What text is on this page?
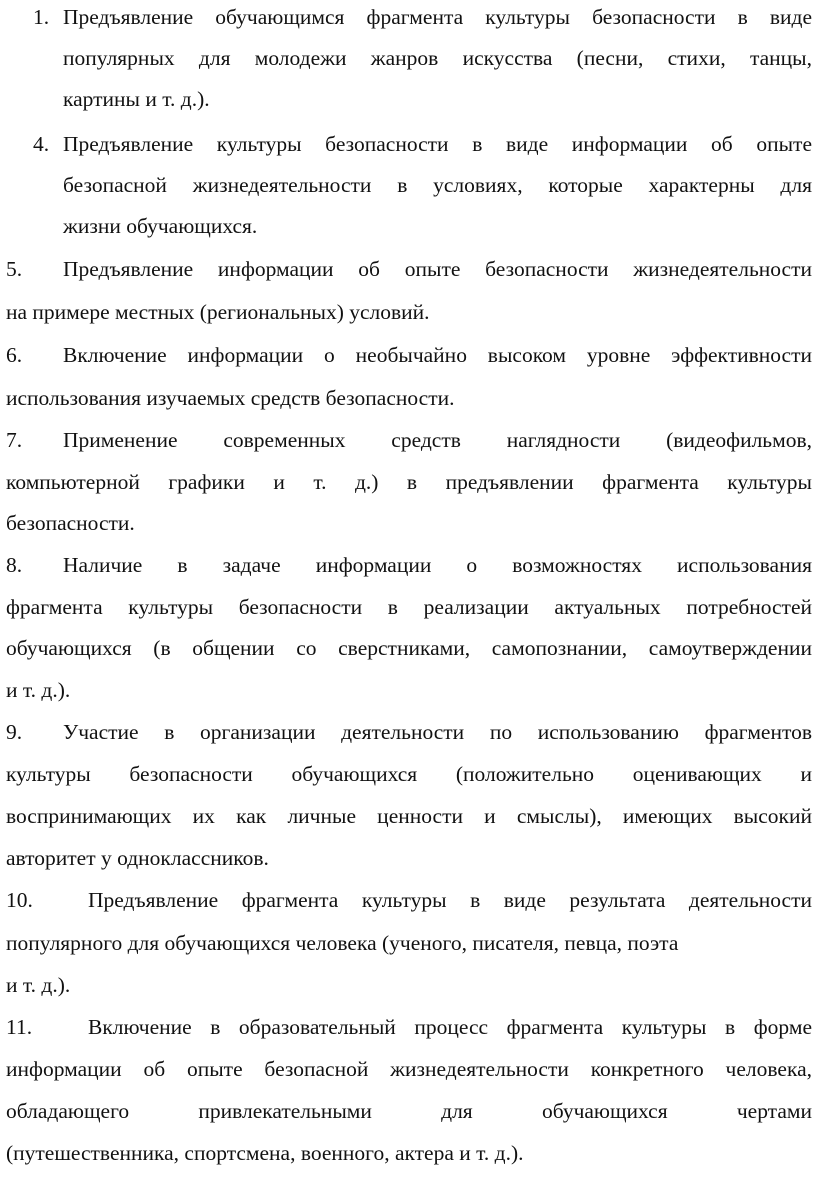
1. Предъявление обучающимся фрагмента культуры безопасности в виде
популярных для молодежи жанров искусства (песни, стихи, танцы,
картины и т. д.).
4. Предъявление культуры безопасности в виде информации об опыте
безопасной жизнедеятельности в условиях, которые характерны для
жизни обучающихся.
5. Предъявление информации об опыте безопасности жизнедеятельности
на примере местных (региональных) условий.
6. Включение информации о необычайно высоком уровне эффективности
использования изучаемых средств безопасности.
7. Применение современных средств наглядности (видеофильмов,
компьютерной графики и т. д.) в предъявлении фрагмента культуры
безопасности.
8. Наличие в задаче информации о возможностях использования
фрагмента культуры безопасности в реализации актуальных потребностей
обучающихся (в общении со сверстниками, самопознании, самоутверждении
и т. д.).
9. Участие в организации деятельности по использованию фрагментов
культуры безопасности обучающихся (положительно оценивающих и
воспринимающих их как личные ценности и смыслы), имеющих высокий
авторитет у одноклассников.
10.	Предъявление фрагмента культуры в виде результата деятельности
популярного для обучающихся человека (ученого, писателя, певца, поэта
и т. д.).
11.	Включение в образовательный процесс фрагмента культуры в форме
информации об опыте безопасной жизнедеятельности конкретного человека,
обладающего привлекательными для обучающихся чертами
(путешественника, спортсмена, военного, актера и т. д.).
